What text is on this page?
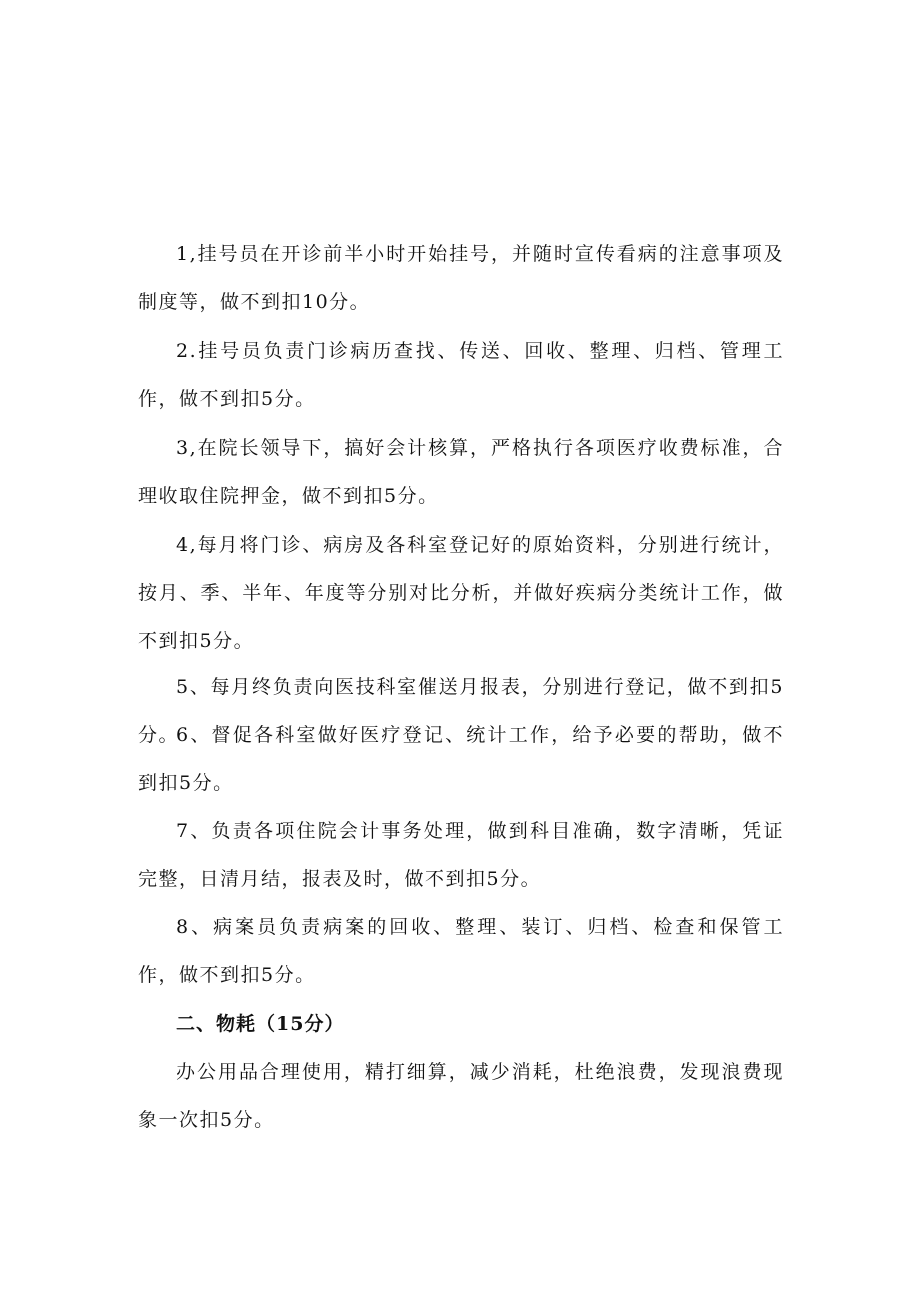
1,挂号员在开诊前半小时开始挂号，并随时宣传看病的注意事项及制度等，做不到扣10分。

2.挂号员负责门诊病历查找、传送、回收、整理、归档、管理工作，做不到扣5分。

3,在院长领导下，搞好会计核算，严格执行各项医疗收费标准，合理收取住院押金，做不到扣5分。

4,每月将门诊、病房及各科室登记好的原始资料，分别进行统计，按月、季、半年、年度等分别对比分析，并做好疾病分类统计工作，做不到扣5分。

5、每月终负责向医技科室催送月报表，分别进行登记，做不到扣5分。

6、督促各科室做好医疗登记、统计工作，给予必要的帮助，做不到扣5分。

7、负责各项住院会计事务处理，做到科目准确，数字清晰，凭证完整，日清月结，报表及时，做不到扣5分。

8、病案员负责病案的回收、整理、装订、归档、检查和保管工作，做不到扣5分。

二、物耗（15分）

办公用品合理使用，精打细算，减少消耗，杜绝浪费，发现浪费现象一次扣5分。
